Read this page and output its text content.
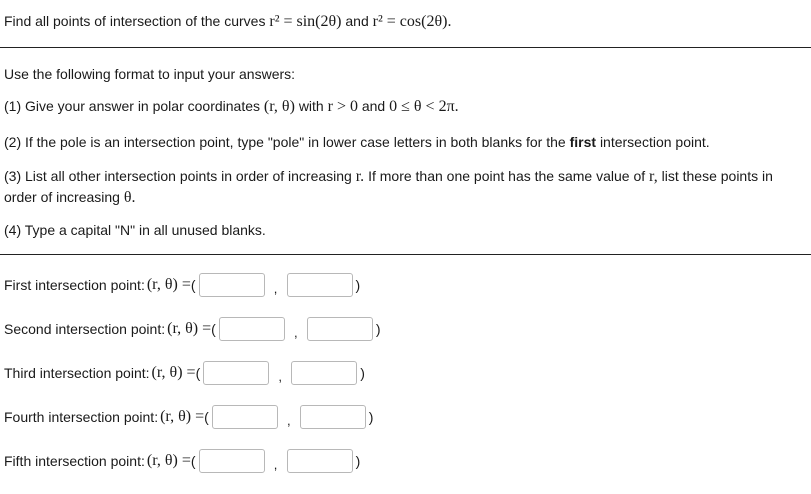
Find all points of intersection of the curves r² = sin(2θ) and r² = cos(2θ).
Use the following format to input your answers:
(1) Give your answer in polar coordinates (r, θ) with r > 0 and 0 ≤ θ < 2π.
(2) If the pole is an intersection point, type "pole" in lower case letters in both blanks for the first intersection point.
(3) List all other intersection points in order of increasing r. If more than one point has the same value of r, list these points in order of increasing θ.
(4) Type a capital "N" in all unused blanks.
First intersection point: (r, θ) = (	,	)
Second intersection point: (r, θ) = (	,	)
Third intersection point: (r, θ) = (	,	)
Fourth intersection point: (r, θ) = (	,	)
Fifth intersection point: (r, θ) = (	,	)
